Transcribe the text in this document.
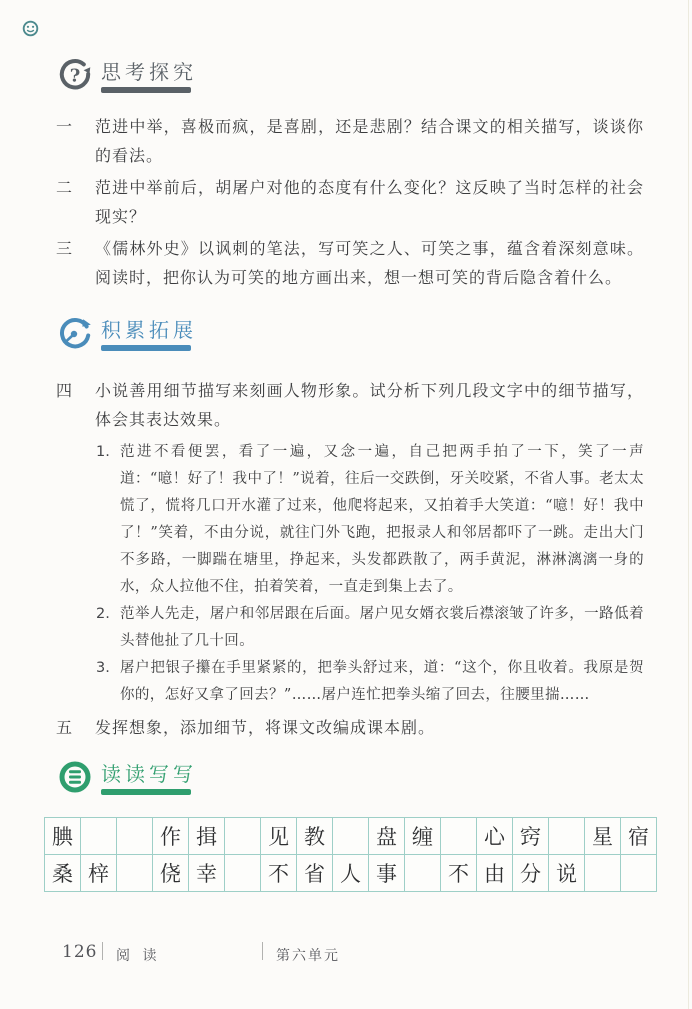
? 思考探究
一	范进中举，喜极而疯，是喜剧，还是悲剧？结合课文的相关描写，谈谈你的看法。
二	范进中举前后，胡屠户对他的态度有什么变化？这反映了当时怎样的社会现实？
三	《儒林外史》以讽刺的笔法，写可笑之人、可笑之事，蕴含着深刻意味。阅读时，把你认为可笑的地方画出来，想一想可笑的背后隐含着什么。
积累拓展
四	小说善用细节描写来刻画人物形象。试分析下列几段文字中的细节描写，体会其表达效果。
1. 范进不看便罢，看了一遍，又念一遍，自己把两手拍了一下，笑了一声道：“噫！好了！我中了！”说着，往后一交跌倒，牙关咬紧，不省人事。老太太慌了，慌将几口开水灌了过来，他爬将起来，又拍着手大笑道：“噫！好！我中了！”笑着，不由分说，就往门外飞跑，把报录人和邻居都吓了一跳。走出大门不多路，一脚踹在塘里，挣起来，头发都跌散了，两手黄泥，淋淋漓漓一身的水，众人拉他不住，拍着笑着，一直走到集上去了。
2. 范举人先走，屠户和邻居跟在后面。屠户见女婿衣裳后襟滚皱了许多，一路低着头替他扯了几十回。
3. 屠户把银子攥在手里紧紧的，把拳头舒过来，道：“这个，你且收着。我原是贺你的，怎好又拿了回去？”……屠户连忙把拳头缩了回去，往腰里揣……
五	发挥想象，添加细节，将课文改编成课本剧。
读读写写
腆	作 揖	见 教	盘 缠	心 窍	星 宿
桑 梓	侥 幸	不 省 人 事	不 由 分 说
126 阅 读	第六单元
